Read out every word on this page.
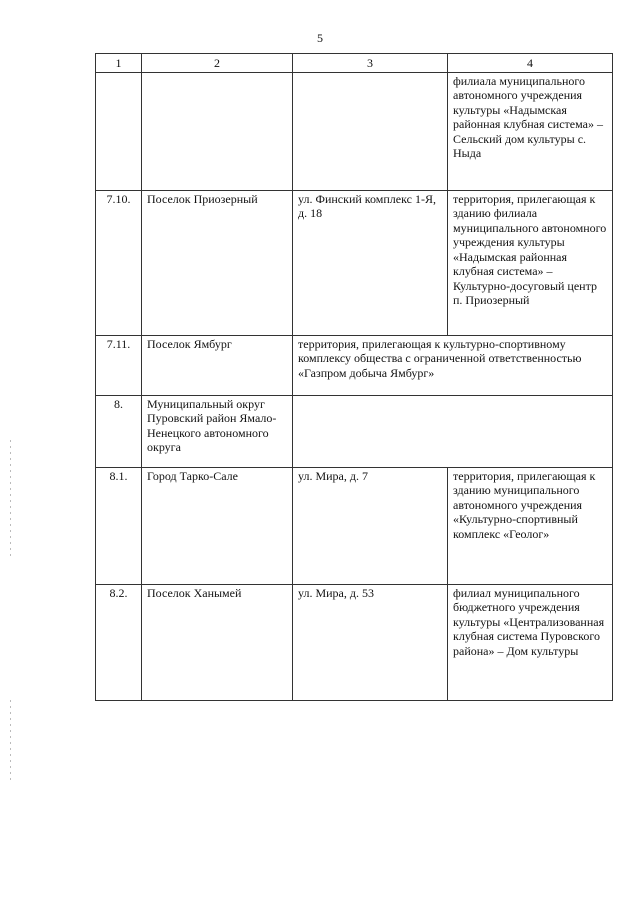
5
1	2	3	4
			филиала муниципального автономного учреждения культуры «Надымская районная клубная система» – Сельский дом культуры с. Ныда
7.10.	Поселок Приозерный	ул. Финский комплекс 1-Я, д. 18	территория, прилегающая к зданию филиала муниципального автономного учреждения культуры «Надымская районная клубная система» – Культурно-досуговый центр п. Приозерный
7.11.	Поселок Ямбург	территория, прилегающая к культурно-спортивному комплексу общества с ограниченной ответственностью «Газпром добыча Ямбург»	
8.	Муниципальный округ Пуровский район Ямало-Ненецкого автономного округа		
8.1.	Город Тарко-Сале	ул. Мира, д. 7	территория, прилегающая к зданию муниципального автономного учреждения «Культурно-спортивный комплекс «Геолог»
8.2.	Поселок Ханымей	ул. Мира, д. 53	филиал муниципального бюджетного учреждения культуры «Централизованная клубная система Пуровского района» – Дом культуры
